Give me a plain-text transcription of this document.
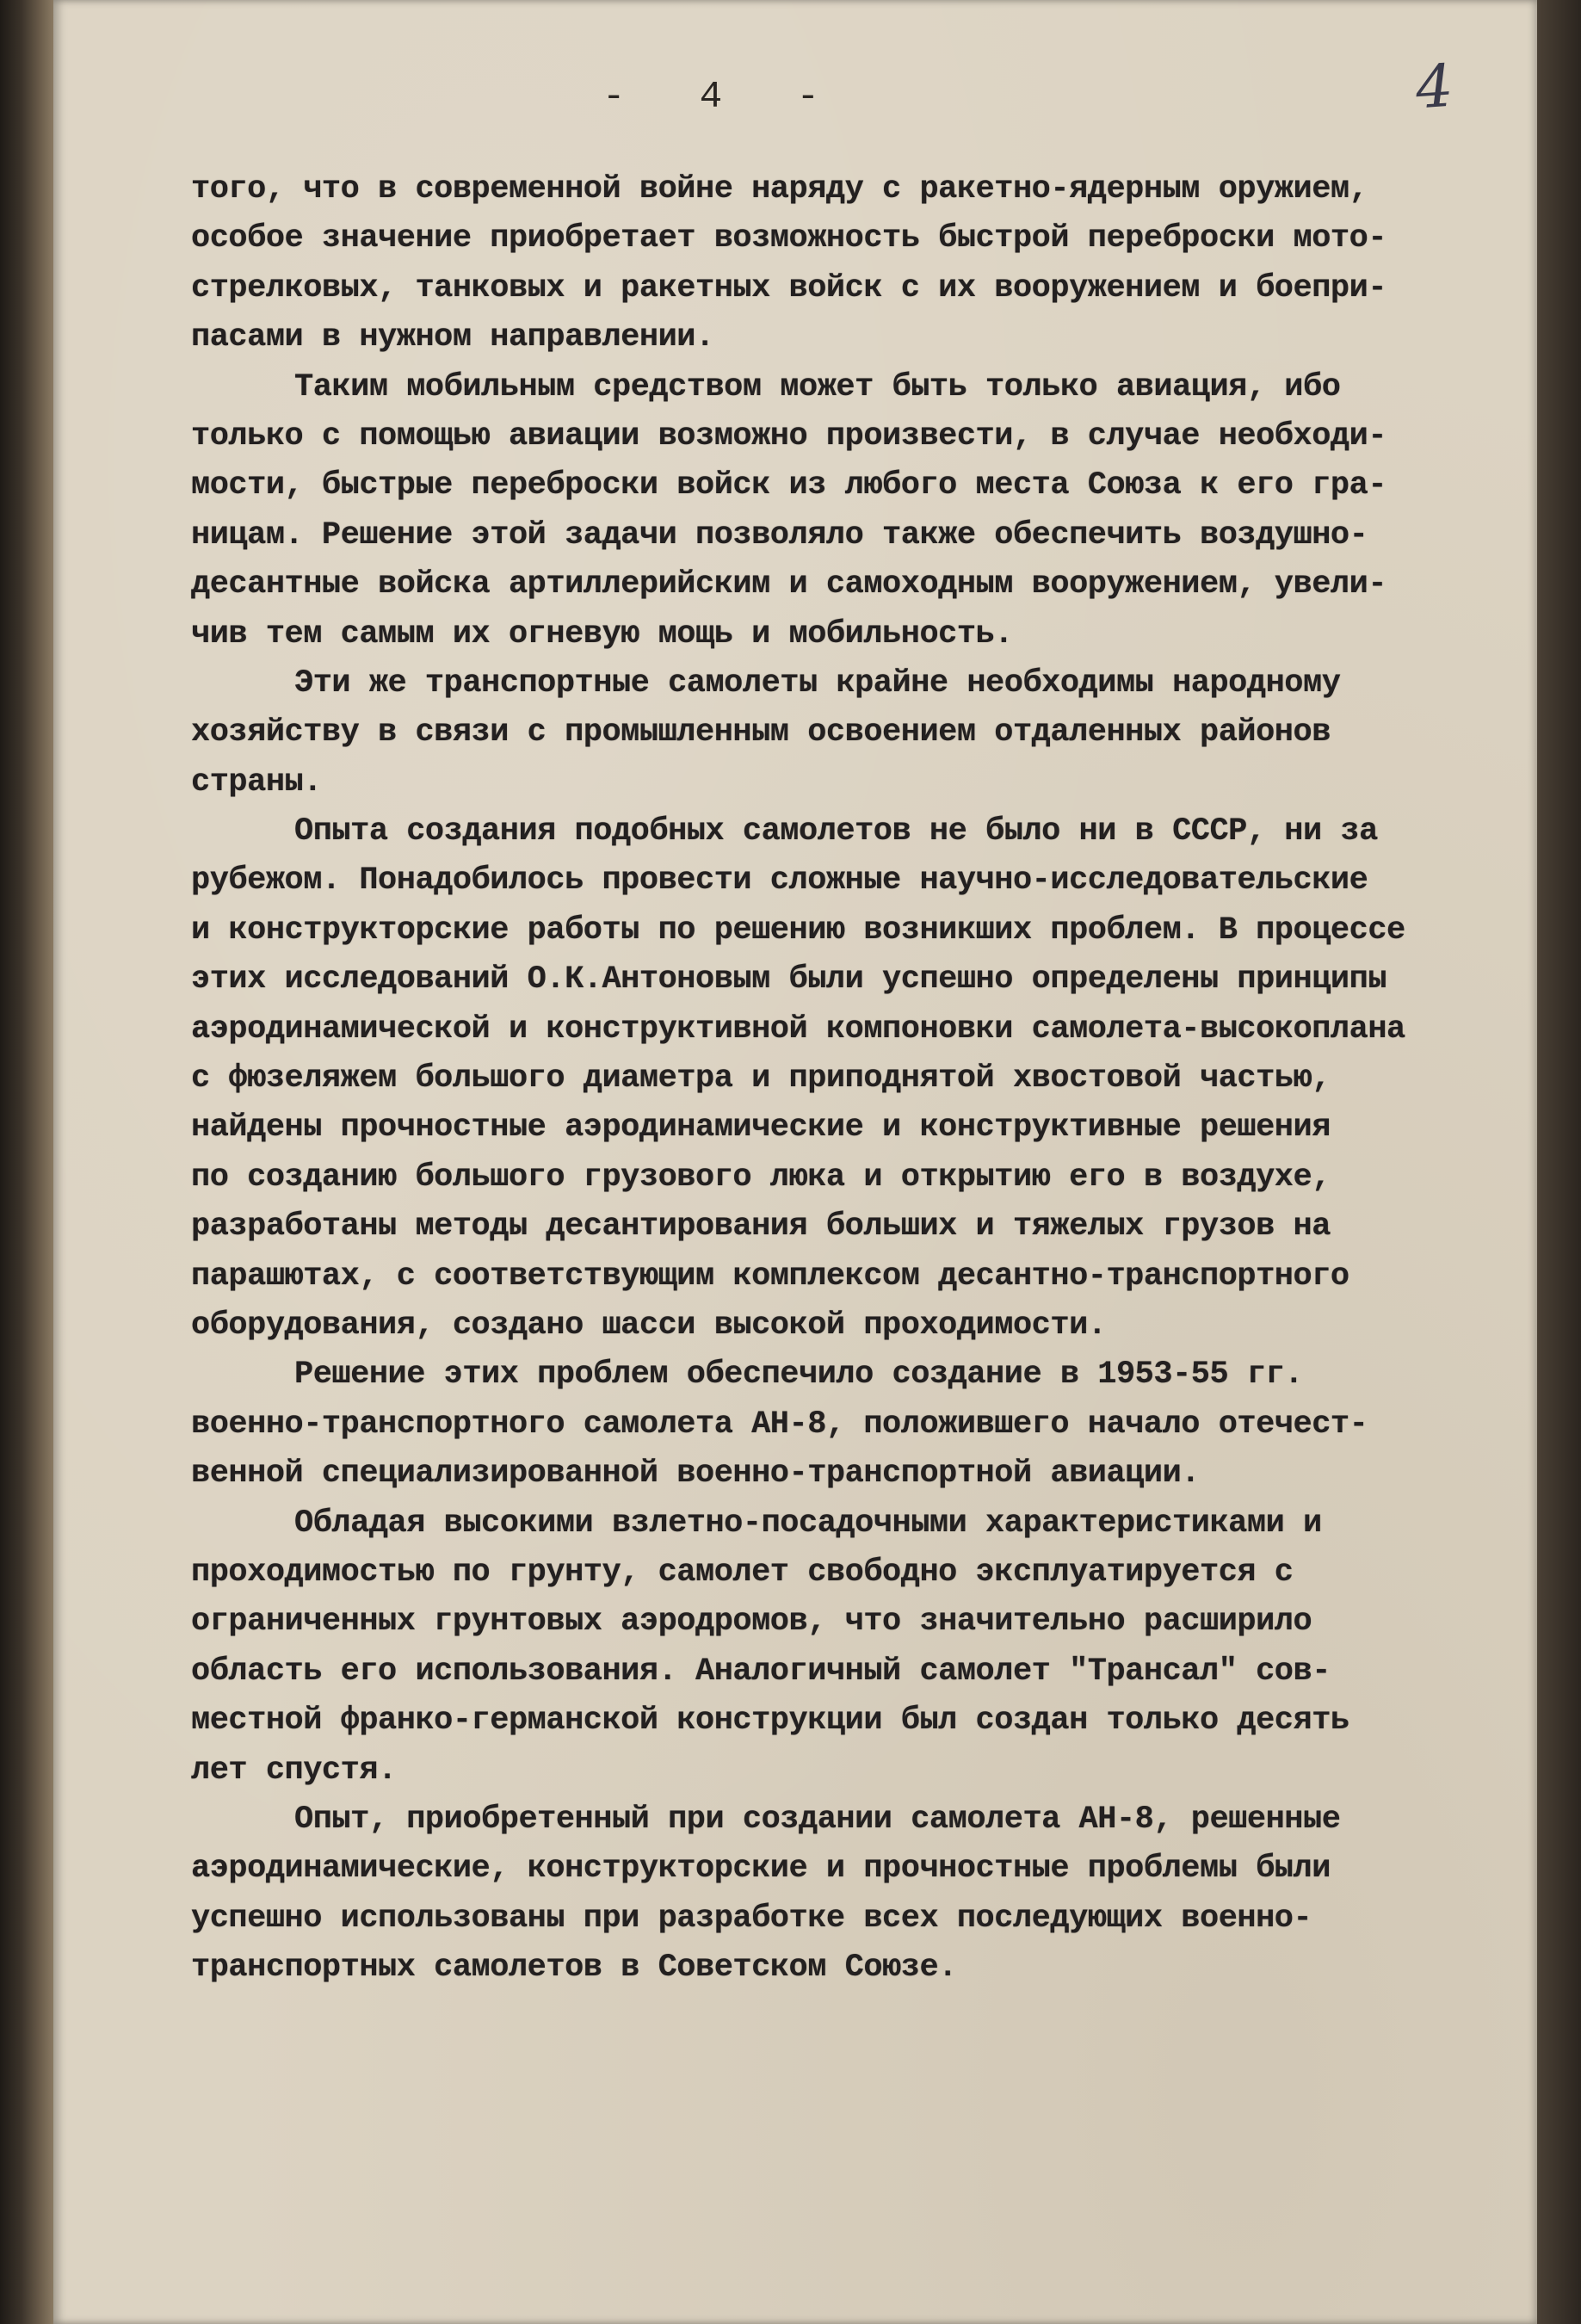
- 4 -	4
того, что в современной войне наряду с ракетно-ядерным оружием,
особое значение приобретает возможность быстрой переброски мото-
стрелковых, танковых и ракетных войск с их вооружением и боепри-
пасами в нужном направлении.
Таким мобильным средством может быть только авиация, ибо
только с помощью авиации возможно произвести, в случае необходи-
мости, быстрые переброски войск из любого места Союза к его гра-
ницам. Решение этой задачи позволяло также обеспечить воздушно-
десантные войска артиллерийским и самоходным вооружением, увели-
чив тем самым их огневую мощь и мобильность.
Эти же транспортные самолеты крайне необходимы народному
хозяйству в связи с промышленным освоением отдаленных районов
страны.
Опыта создания подобных самолетов не было ни в СССР, ни за
рубежом. Понадобилось провести сложные научно-исследовательские
и конструкторские работы по решению возникших проблем. В процессе
этих исследований О.К.Антоновым были успешно определены принципы
аэродинамической и конструктивной компоновки самолета-высокоплана
с фюзеляжем большого диаметра и приподнятой хвостовой частью,
найдены прочностные аэродинамические и конструктивные решения
по созданию большого грузового люка и открытию его в воздухе,
разработаны методы десантирования больших и тяжелых грузов на
парашютах, с соответствующим комплексом десантно-транспортного
оборудования, создано шасси высокой проходимости.
Решение этих проблем обеспечило создание в 1953-55 гг.
военно-транспортного самолета АН-8, положившего начало отечест-
венной специализированной военно-транспортной авиации.
Обладая высокими взлетно-посадочными характеристиками и
проходимостью по грунту, самолет свободно эксплуатируется с
ограниченных грунтовых аэродромов, что значительно расширило
область его использования. Аналогичный самолет "Трансал" сов-
местной франко-германской конструкции был создан только десять
лет спустя.
Опыт, приобретенный при создании самолета АН-8, решенные
аэродинамические, конструкторские и прочностные проблемы были
успешно использованы при разработке всех последующих военно-
транспортных самолетов в Советском Союзе.
